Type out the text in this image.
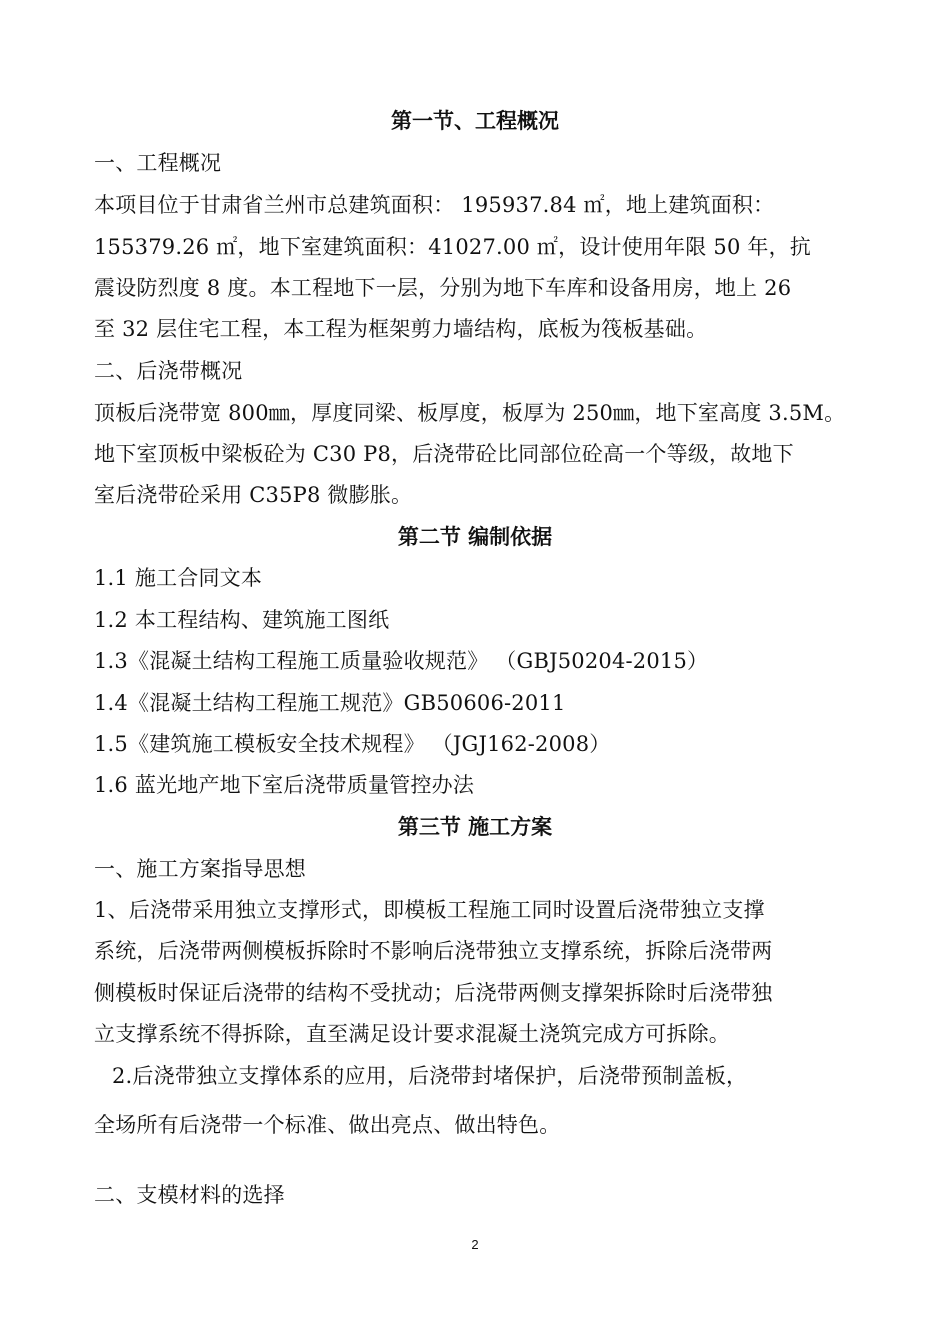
第一节、工程概况
一、工程概况
本项目位于甘肃省兰州市总建筑面积： 195937.84 ㎡，地上建筑面积：
155379.26 ㎡，地下室建筑面积：41027.00 ㎡，设计使用年限 50 年，抗
震设防烈度 8 度。本工程地下一层，分别为地下车库和设备用房，地上 26
至 32 层住宅工程，本工程为框架剪力墙结构，底板为筏板基础。
二、后浇带概况
顶板后浇带宽 800㎜，厚度同梁、板厚度，板厚为 250㎜，地下室高度 3.5M。
地下室顶板中梁板砼为 C30 P8，后浇带砼比同部位砼高一个等级，故地下
室后浇带砼采用 C35P8 微膨胀。
第二节 编制依据
1.1 施工合同文本
1.2 本工程结构、建筑施工图纸
1.3《混凝土结构工程施工质量验收规范》 （GBJ50204-2015）
1.4《混凝土结构工程施工规范》GB50606-2011
1.5《建筑施工模板安全技术规程》 （JGJ162-2008）
1.6 蓝光地产地下室后浇带质量管控办法
第三节 施工方案
一、施工方案指导思想
1、后浇带采用独立支撑形式，即模板工程施工同时设置后浇带独立支撑
系统，后浇带两侧模板拆除时不影响后浇带独立支撑系统，拆除后浇带两
侧模板时保证后浇带的结构不受扰动；后浇带两侧支撑架拆除时后浇带独
立支撑系统不得拆除，直至满足设计要求混凝土浇筑完成方可拆除。
2.后浇带独立支撑体系的应用，后浇带封堵保护，后浇带预制盖板，
全场所有后浇带一个标准、做出亮点、做出特色。
二、支模材料的选择
2
